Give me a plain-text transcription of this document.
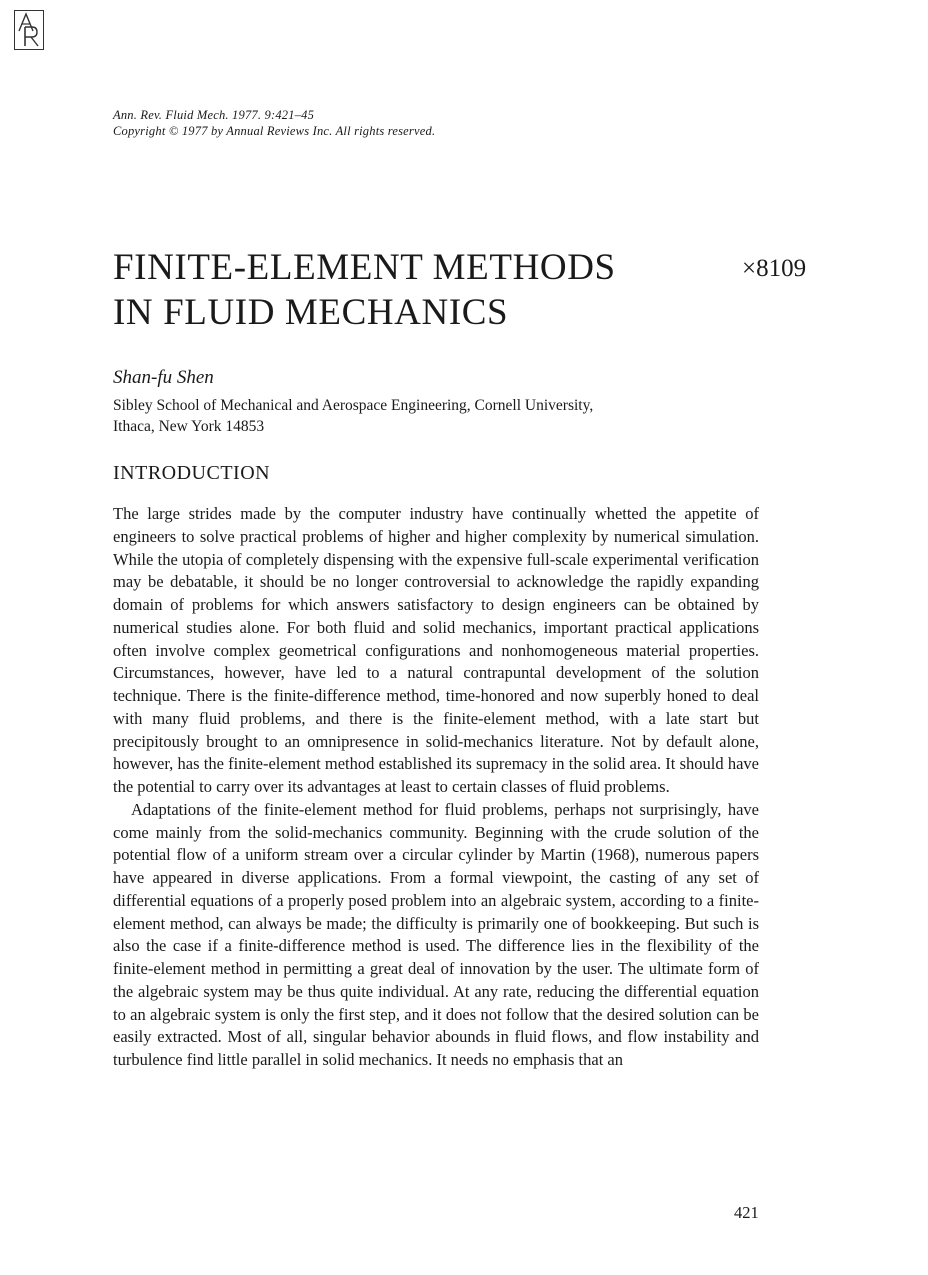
Ann. Rev. Fluid Mech. 1977. 9:421–45
Copyright © 1977 by Annual Reviews Inc. All rights reserved.
FINITE-ELEMENT METHODS
IN FLUID MECHANICS
×8109
Shan-fu Shen
Sibley School of Mechanical and Aerospace Engineering, Cornell University,
Ithaca, New York 14853
INTRODUCTION

The large strides made by the computer industry have continually whetted the appetite of engineers to solve practical problems of higher and higher complexity by numerical simulation. While the utopia of completely dispensing with the expensive full-scale experimental verification may be debatable, it should be no longer controversial to acknowledge the rapidly expanding domain of problems for which answers satisfactory to design engineers can be obtained by numerical studies alone. For both fluid and solid mechanics, important practical applications often involve complex geometrical configurations and nonhomogeneous material properties. Circumstances, however, have led to a natural contrapuntal development of the solution technique. There is the finite-difference method, time-honored and now superbly honed to deal with many fluid problems, and there is the finite-element method, with a late start but precipitously brought to an omnipresence in solid-mechanics literature. Not by default alone, however, has the finite-element method established its supremacy in the solid area. It should have the potential to carry over its advantages at least to certain classes of fluid problems.

Adaptations of the finite-element method for fluid problems, perhaps not surprisingly, have come mainly from the solid-mechanics community. Beginning with the crude solution of the potential flow of a uniform stream over a circular cylinder by Martin (1968), numerous papers have appeared in diverse applications. From a formal viewpoint, the casting of any set of differential equations of a properly posed problem into an algebraic system, according to a finite-element method, can always be made; the difficulty is primarily one of bookkeeping. But such is also the case if a finite-difference method is used. The difference lies in the flexibility of the finite-element method in permitting a great deal of innovation by the user. The ultimate form of the algebraic system may be thus quite individual. At any rate, reducing the differential equation to an algebraic system is only the first step, and it does not follow that the desired solution can be easily extracted. Most of all, singular behavior abounds in fluid flows, and flow instability and turbulence find little parallel in solid mechanics. It needs no emphasis that an

421
